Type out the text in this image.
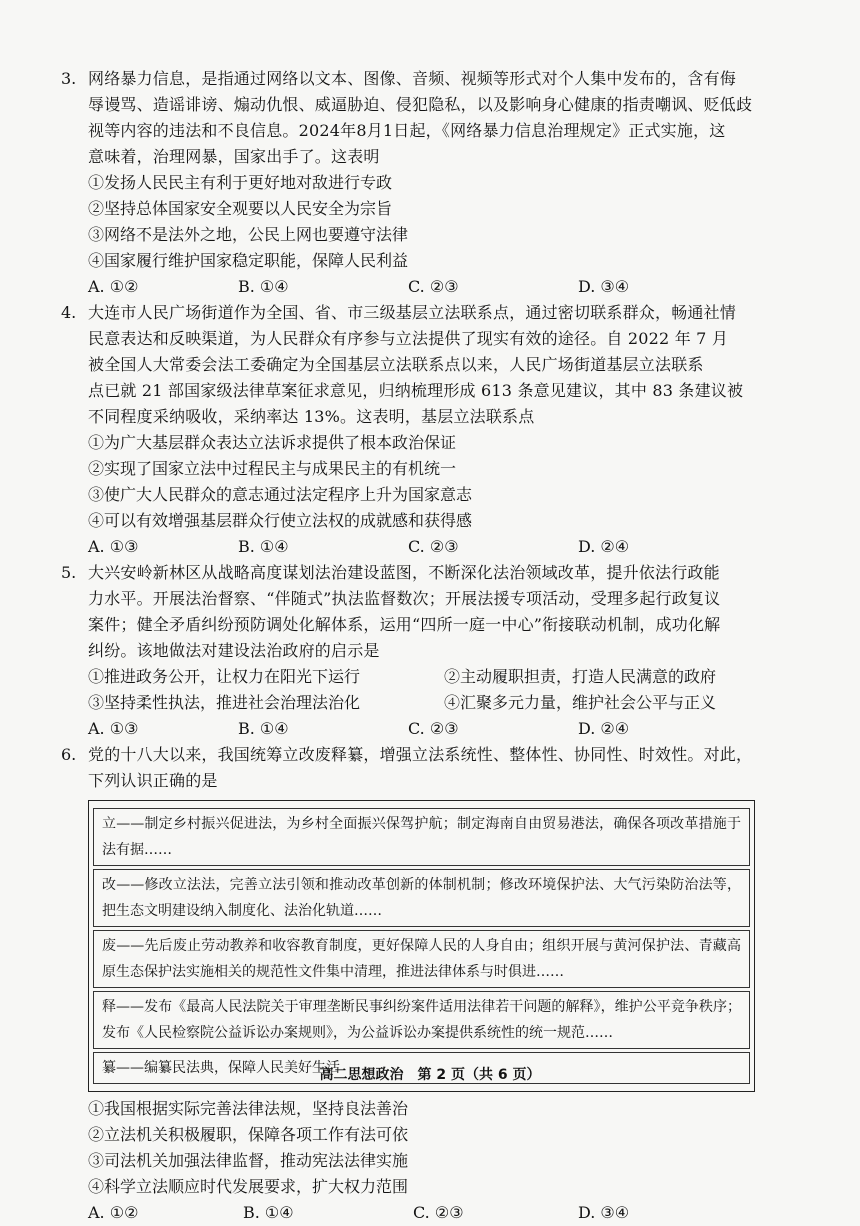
3. 网络暴力信息，是指通过网络以文本、图像、音频、视频等形式对个人集中发布的，含有侮

辱谩骂、造谣诽谤、煽动仇恨、威逼胁迫、侵犯隐私，以及影响身心健康的指责嘲讽、贬低歧

视等内容的违法和不良信息。2024年8月1日起，《网络暴力信息治理规定》正式实施，这

意味着，治理网暴，国家出手了。这表明

①发扬人民民主有利于更好地对敌进行专政
②坚持总体国家安全观要以人民安全为宗旨
③网络不是法外之地，公民上网也要遵守法律
④国家履行维护国家稳定职能，保障人民利益
A. ①②	B. ①④	C. ②③	D. ③④
4. 大连市人民广场街道作为全国、省、市三级基层立法联系点，通过密切联系群众，畅通社情

民意表达和反映渠道，为人民群众有序参与立法提供了现实有效的途径。自 2022 年 7 月

被全国人大常委会法工委确定为全国基层立法联系点以来，人民广场街道基层立法联系

点已就 21 部国家级法律草案征求意见，归纳梳理形成 613 条意见建议，其中 83 条建议被

不同程度采纳吸收，采纳率达 13%。这表明，基层立法联系点

①为广大基层群众表达立法诉求提供了根本政治保证
②实现了国家立法中过程民主与成果民主的有机统一
③使广大人民群众的意志通过法定程序上升为国家意志
④可以有效增强基层群众行使立法权的成就感和获得感
A. ①③	B. ①④	C. ②③	D. ②④
5. 大兴安岭新林区从战略高度谋划法治建设蓝图，不断深化法治领域改革，提升依法行政能

力水平。开展法治督察、“伴随式”执法监督数次；开展法援专项活动，受理多起行政复议

案件；健全矛盾纠纷预防调处化解体系，运用“四所一庭一中心”衔接联动机制，成功化解

纠纷。该地做法对建设法治政府的启示是

①推进政务公开，让权力在阳光下运行	②主动履职担责，打造人民满意的政府
③坚持柔性执法，推进社会治理法治化	④汇聚多元力量，维护社会公平与正义
A. ①③	B. ①④	C. ②③	D. ②④
6. 党的十八大以来，我国统筹立改废释纂，增强立法系统性、整体性、协同性、时效性。对此，

下列认识正确的是

立——制定乡村振兴促进法，为乡村全面振兴保驾护航；制定海南自由贸易港法，确保各项改革措施于法有据……
改——修改立法法，完善立法引领和推动改革创新的体制机制；修改环境保护法、大气污染防治法等，把生态文明建设纳入制度化、法治化轨道……
废——先后废止劳动教养和收容教育制度，更好保障人民的人身自由；组织开展与黄河保护法、青藏高原生态保护法实施相关的规范性文件集中清理，推进法律体系与时俱进……
释——发布《最高人民法院关于审理垄断民事纠纷案件适用法律若干问题的解释》，维护公平竞争秩序；发布《人民检察院公益诉讼办案规则》，为公益诉讼办案提供系统性的统一规范……
纂——编纂民法典，保障人民美好生活
①我国根据实际完善法律法规，坚持良法善治
②立法机关积极履职，保障各项工作有法可依
③司法机关加强法律监督，推动宪法法律实施
④科学立法顺应时代发展要求，扩大权力范围
A. ①②	B. ①④	C. ②③	D. ③④
高二思想政治　第 2 页（共 6 页）
